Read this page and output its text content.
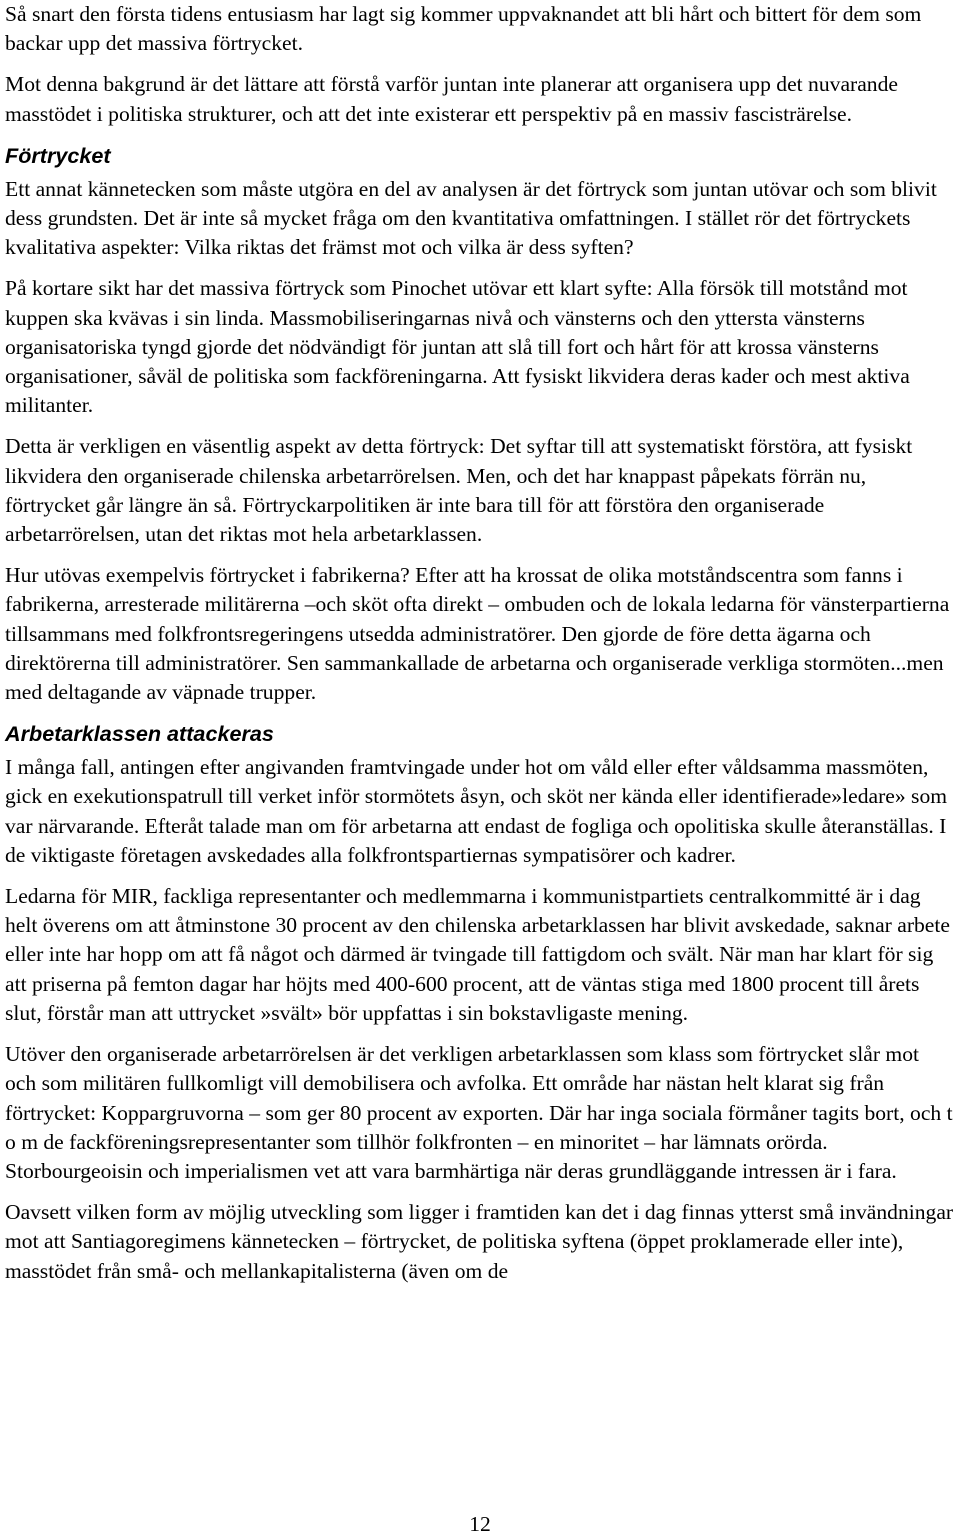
Så snart den första tidens entusiasm har lagt sig kommer uppvaknandet att bli hårt och bittert för dem som backar upp det massiva förtrycket.

Mot denna bakgrund är det lättare att förstå varför juntan inte planerar att organisera upp det nuvarande masstödet i politiska strukturer, och att det inte existerar ett perspektiv på en massiv fascisträrelse.

Förtrycket

Ett annat kännetecken som måste utgöra en del av analysen är det förtryck som juntan utövar och som blivit dess grundsten. Det är inte så mycket fråga om den kvantitativa omfattningen. I stället rör det förtryckets kvalitativa aspekter: Vilka riktas det främst mot och vilka är dess syften?

På kortare sikt har det massiva förtryck som Pinochet utövar ett klart syfte: Alla försök till motstånd mot kuppen ska kvävas i sin linda. Massmobiliseringarnas nivå och vänsterns och den yttersta vänsterns organisatoriska tyngd gjorde det nödvändigt för juntan att slå till fort och hårt för att krossa vänsterns organisationer, såväl de politiska som fackföreningarna. Att fysiskt likvidera deras kader och mest aktiva militanter.

Detta är verkligen en väsentlig aspekt av detta förtryck: Det syftar till att systematiskt förstöra, att fysiskt likvidera den organiserade chilenska arbetarrörelsen. Men, och det har knappast påpekats förrän nu, förtrycket går längre än så. Förtryckarpolitiken är inte bara till för att förstöra den organiserade arbetarrörelsen, utan det riktas mot hela arbetarklassen.

Hur utövas exempelvis förtrycket i fabrikerna? Efter att ha krossat de olika motståndscentra som fanns i fabrikerna, arresterade militärerna –och sköt ofta direkt – ombuden och de lokala ledarna för vänsterpartierna tillsammans med folkfrontsregeringens utsedda administratörer. Den gjorde de före detta ägarna och direktörerna till administratörer. Sen sammankallade de arbetarna och organiserade verkliga stormöten...men med deltagande av väpnade trupper.

Arbetarklassen attackeras

I många fall, antingen efter angivanden framtvingade under hot om våld eller efter våldsamma massmöten, gick en exekutionspatrull till verket inför stormötets åsyn, och sköt ner kända eller identifierade»ledare» som var närvarande. Efteråt talade man om för arbetarna att endast de fogliga och opolitiska skulle återanställas. I de viktigaste företagen avskedades alla folkfrontspartiernas sympatisörer och kadrer.

Ledarna för MIR, fackliga representanter och medlemmarna i kommunistpartiets centralkommitté är i dag helt överens om att åtminstone 30 procent av den chilenska arbetarklassen har blivit avskedade, saknar arbete eller inte har hopp om att få något och därmed är tvingade till fattigdom och svält. När man har klart för sig att priserna på femton dagar har höjts med 400-600 procent, att de väntas stiga med 1800 procent till årets slut, förstår man att uttrycket »svält» bör uppfattas i sin bokstavligaste mening.

Utöver den organiserade arbetarrörelsen är det verkligen arbetarklassen som klass som förtrycket slår mot och som militären fullkomligt vill demobilisera och avfolka. Ett område har nästan helt klarat sig från förtrycket: Koppargruvorna – som ger 80 procent av exporten. Där har inga sociala förmåner tagits bort, och t o m de fackföreningsrepresentanter som tillhör folkfronten – en minoritet – har lämnats orörda. Storbourgeoisin och imperialismen vet att vara barmhärtiga när deras grundläggande intressen är i fara.

Oavsett vilken form av möjlig utveckling som ligger i framtiden kan det i dag finnas ytterst små invändningar mot att Santiagoregimens kännetecken – förtrycket, de politiska syftena (öppet proklamerade eller inte), masstödet från små- och mellankapitalisterna (även om de

12
